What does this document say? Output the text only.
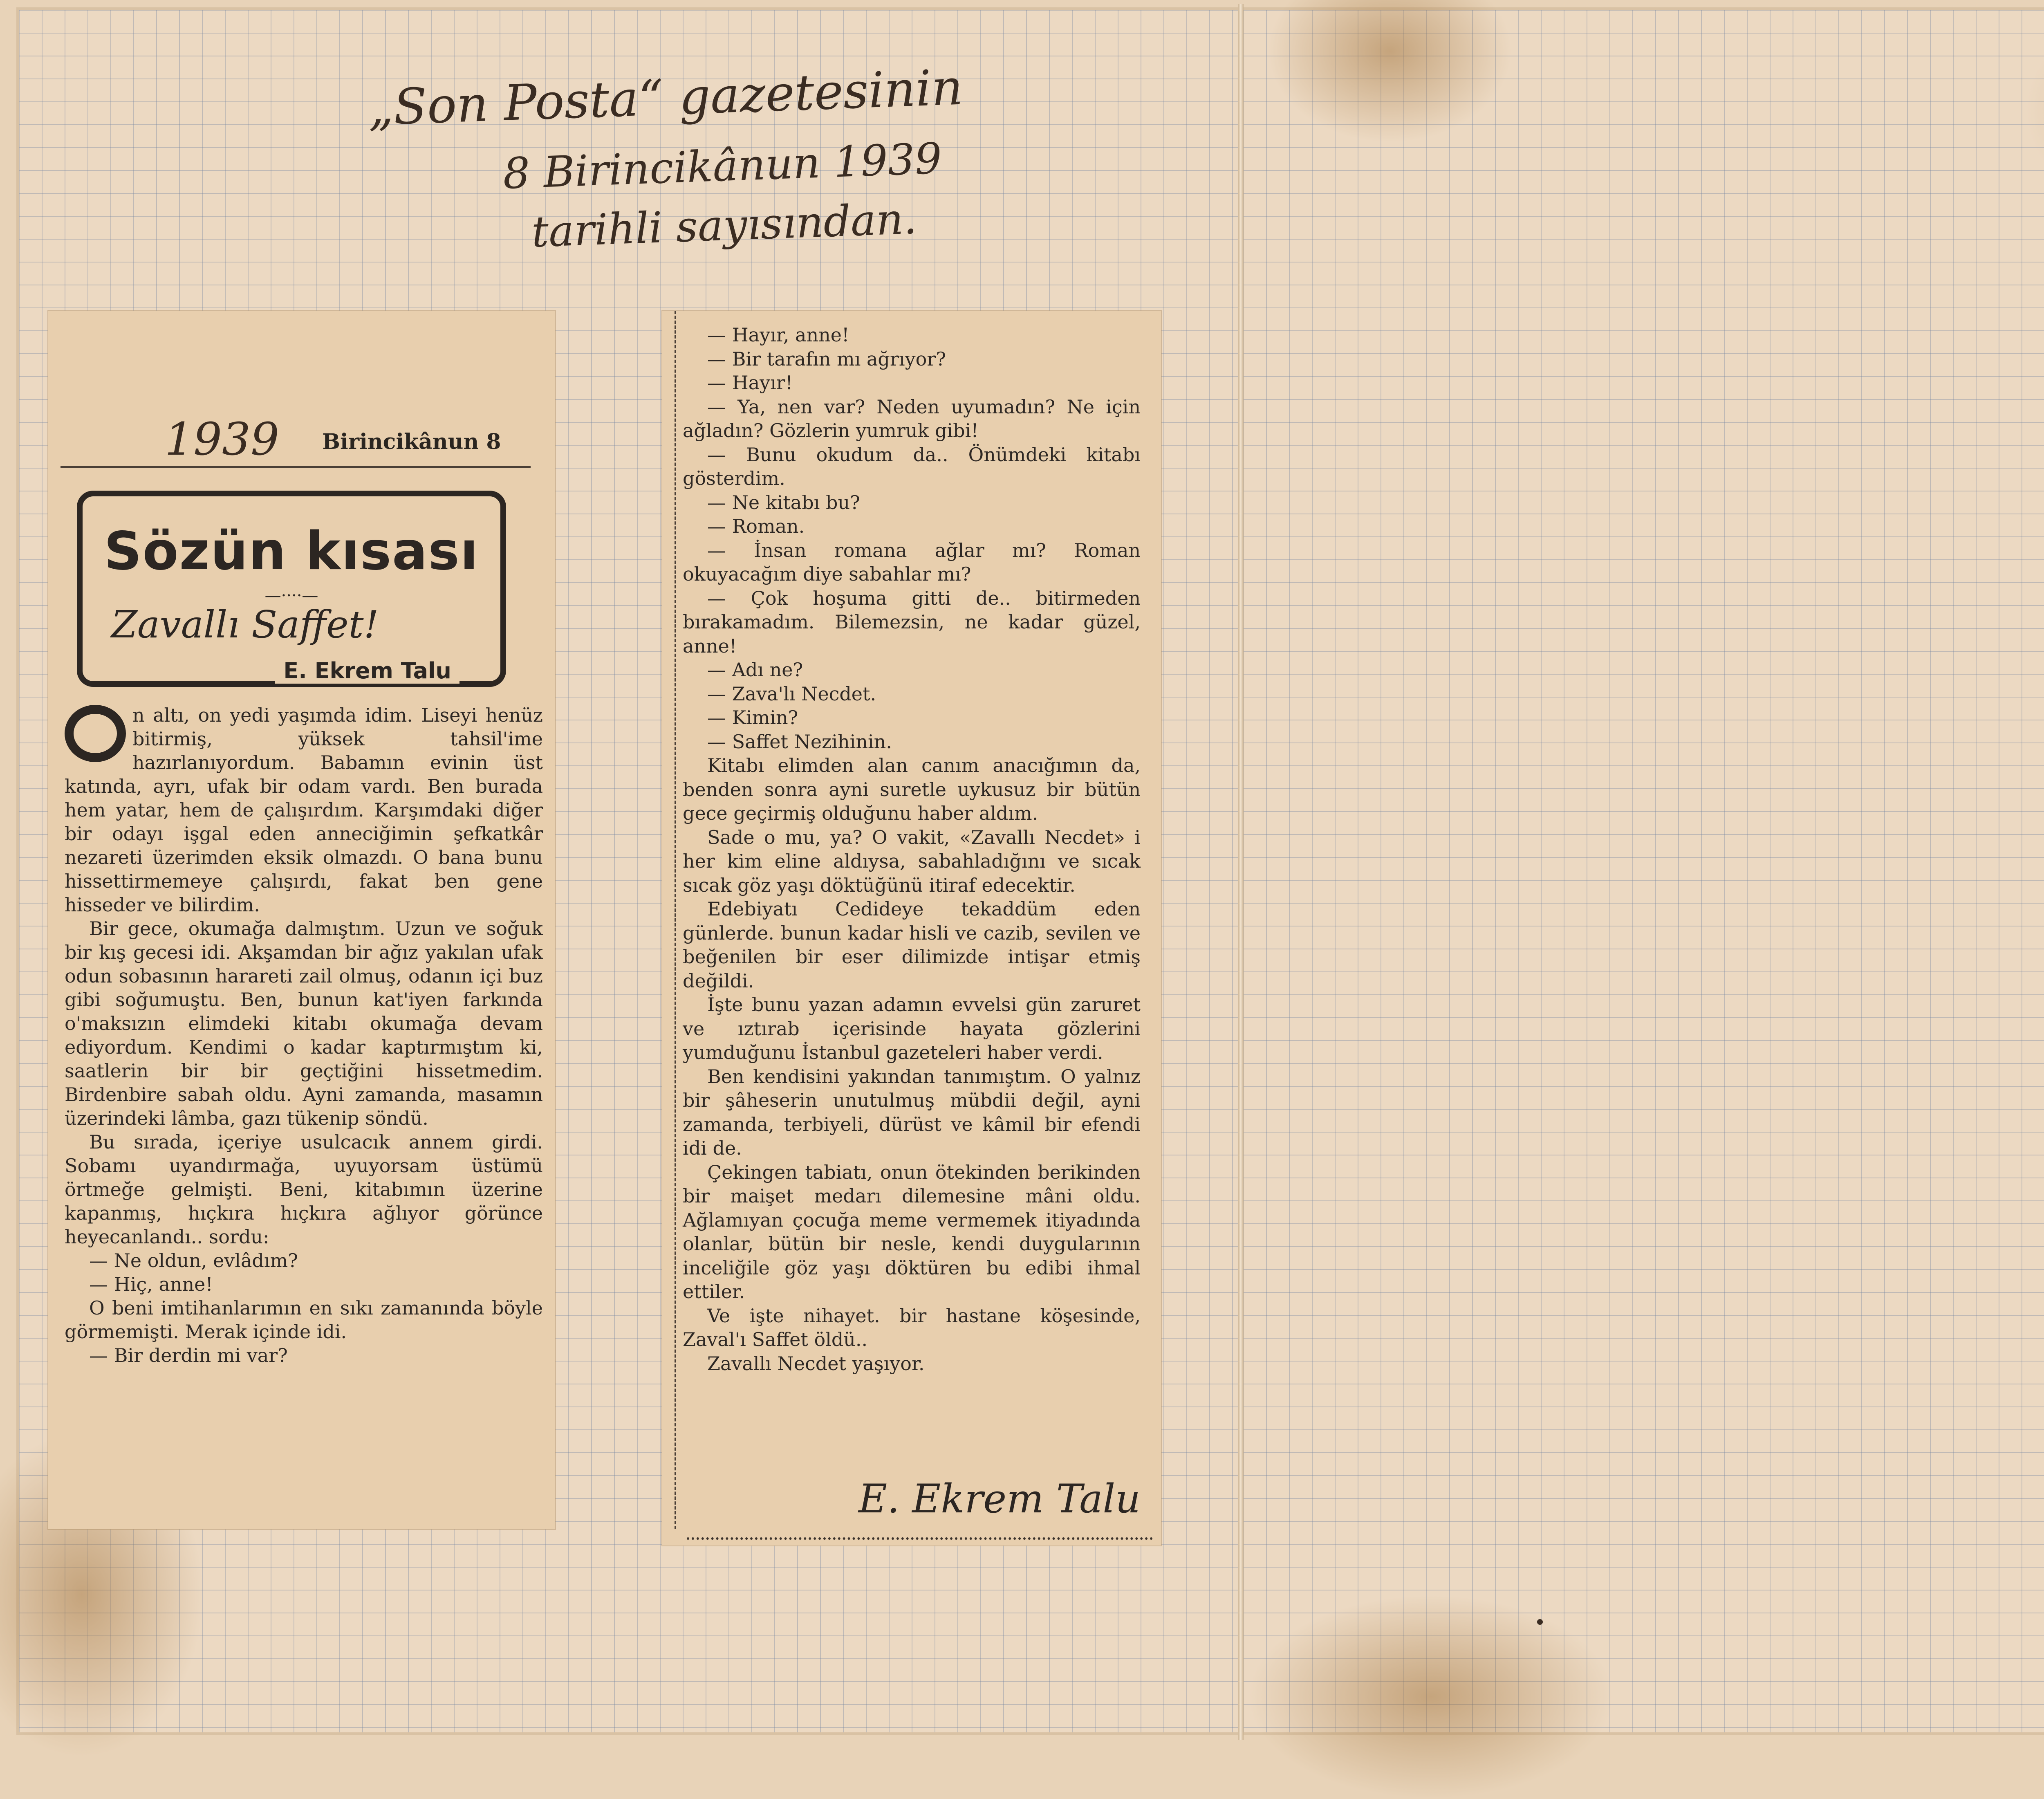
„Son Posta“ gazetesinin
8 Birincikânun 1939
tarihli sayısından.
1939 Birincikânun 8
Sözün kısası
—····—
Zavallı Saffet!
E. Ekrem Talu

n altı, on yedi yaşımda idim. Liseyi henüz bitirmiş, yüksek tahsil'ime hazırlanıyordum. Babamın evinin üst katında, ayrı, ufak bir odam vardı. Ben burada hem yatar, hem de çalışırdım. Karşımdaki diğer bir odayı işgal eden anneciğimin şefkatkâr nezareti üzerimden eksik olmazdı. O bana bunu hissettirmemeye çalışırdı, fakat ben gene hisseder ve bilirdim.

Bir gece, okumağa dalmıştım. Uzun ve soğuk bir kış gecesi idi. Akşamdan bir ağız yakılan ufak odun sobasının harareti zail olmuş, odanın içi buz gibi soğumuştu. Ben, bunun kat'iyen farkında o'maksızın elimdeki kitabı okumağa devam ediyordum. Kendimi o kadar kaptırmıştım ki, saatlerin bir bir geçtiğini hissetmedim. Birdenbire sabah oldu. Ayni zamanda, masamın üzerindeki lâmba, gazı tükenip söndü.

Bu sırada, içeriye usulcacık annem girdi. Sobamı uyandırmağa, uyuyorsam üstümü örtmeğe gelmişti. Beni, kitabımın üzerine kapanmış, hıçkıra hıçkıra ağlıyor görünce heyecanlandı.. sordu:

— Ne oldun, evlâdım?

— Hiç, anne!

O beni imtihanlarımın en sıkı zamanında böyle görmemişti. Merak içinde idi.

— Bir derdin mi var?

— Hayır, anne!

— Bir tarafın mı ağrıyor?

— Hayır!

— Ya, nen var? Neden uyumadın? Ne için ağladın? Gözlerin yumruk gibi!

— Bunu okudum da.. Önümdeki kitabı gösterdim.

— Ne kitabı bu?

— Roman.

— İnsan romana ağlar mı? Roman okuyacağım diye sabahlar mı?

— Çok hoşuma gitti de.. bitirmeden bırakamadım. Bilemezsin, ne kadar güzel, anne!

— Adı ne?

— Zava'lı Necdet.

— Kimin?

— Saffet Nezihinin.

Kitabı elimden alan canım anacığımın da, benden sonra ayni suretle uykusuz bir bütün gece geçirmiş olduğunu haber aldım.

Sade o mu, ya? O vakit, «Zavallı Necdet» i her kim eline aldıysa, sabahladığını ve sıcak sıcak göz yaşı döktüğünü itiraf edecektir.

Edebiyatı Cedideye tekaddüm eden günlerde. bunun kadar hisli ve cazib, sevilen ve beğenilen bir eser dilimizde intişar etmiş değildi.

İşte bunu yazan adamın evvelsi gün zaruret ve ıztırab içerisinde hayata gözlerini yumduğunu İstanbul gazeteleri haber verdi.

Ben kendisini yakından tanımıştım. O yalnız bir şâheserin unutulmuş mübdii değil, ayni zamanda, terbiyeli, dürüst ve kâmil bir efendi idi de.

Çekingen tabiatı, onun ötekinden berikinden bir maişet medarı dilemesine mâni oldu. Ağlamıyan çocuğa meme vermemek itiyadında olanlar, bütün bir nesle, kendi duygularının inceliğile göz yaşı döktüren bu edibi ihmal ettiler.

Ve işte nihayet. bir hastane köşesinde, Zaval'ı Saffet öldü..

Zavallı Necdet yaşıyor.

E. Ekrem Talu
